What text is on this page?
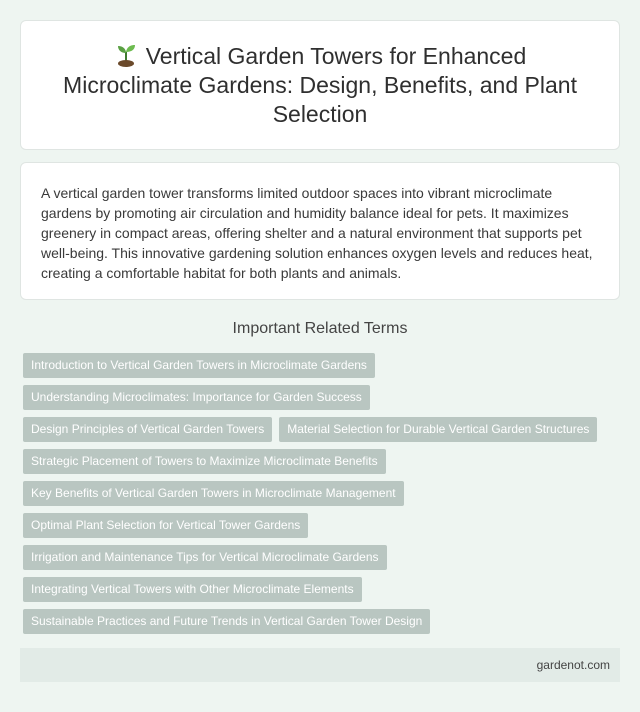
Vertical Garden Towers for Enhanced Microclimate Gardens: Design, Benefits, and Plant Selection

A vertical garden tower transforms limited outdoor spaces into vibrant microclimate gardens by promoting air circulation and humidity balance ideal for pets. It maximizes greenery in compact areas, offering shelter and a natural environment that supports pet well-being. This innovative gardening solution enhances oxygen levels and reduces heat, creating a comfortable habitat for both plants and animals.

Important Related Terms
Introduction to Vertical Garden Towers in Microclimate Gardens
Understanding Microclimates: Importance for Garden Success
Design Principles of Vertical Garden Towers	Material Selection for Durable Vertical Garden Structures
Strategic Placement of Towers to Maximize Microclimate Benefits
Key Benefits of Vertical Garden Towers in Microclimate Management
Optimal Plant Selection for Vertical Tower Gardens
Irrigation and Maintenance Tips for Vertical Microclimate Gardens
Integrating Vertical Towers with Other Microclimate Elements
Sustainable Practices and Future Trends in Vertical Garden Tower Design
gardenot.com
